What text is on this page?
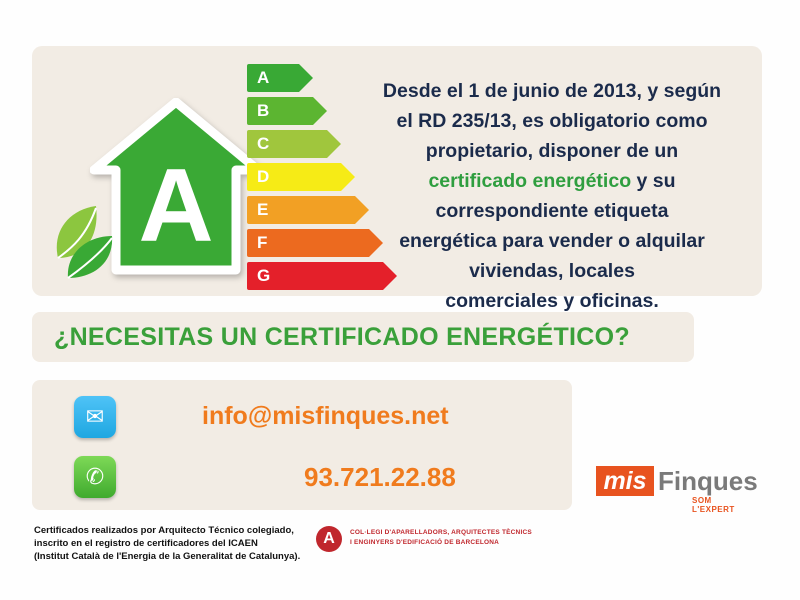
A
A
B
C
D
E
F
G
Desde el 1 de junio de 2013, y según
el RD 235/13, es obligatorio como
propietario, disponer de un
certificado energético y su
correspondiente etiqueta
energética para vender o alquilar
viviendas, locales
comerciales y oficinas.
¿NECESITAS UN CERTIFICADO ENERGÉTICO?
✉
✆
info@misfinques.net
93.721.22.88	mis Finques
SOM L'EXPERT
Certificados realizados por Arquitecto Técnico colegiado,
inscrito en el registro de certificadores del ICAEN
(Institut Català de l'Energia de la Generalitat de Catalunya).
A	COL·LEGI D'APARELLADORS, ARQUITECTES TÈCNICS
I ENGINYERS D'EDIFICACIÓ DE BARCELONA
